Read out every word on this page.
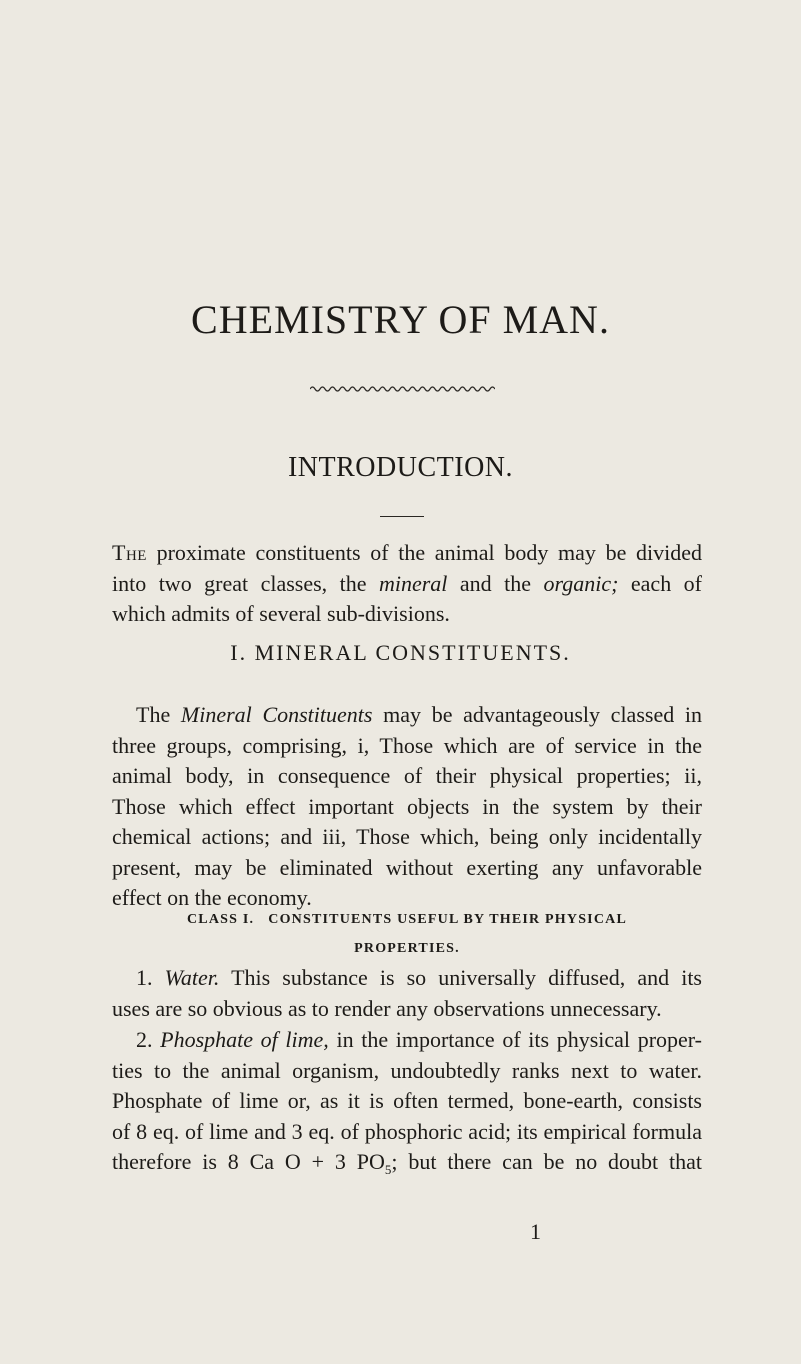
CHEMISTRY OF MAN.
INTRODUCTION.
The proximate constituents of the animal body may be divided
into two great classes, the mineral and the organic; each of
which admits of several sub-divisions.
I. MINERAL CONSTITUENTS.
The Mineral Constituents may be advantageously classed in
three groups, comprising, i, Those which are of service in the
animal body, in consequence of their physical properties; ii,
Those which effect important objects in the system by their
chemical actions; and iii, Those which, being only incidentally
present, may be eliminated without exerting any unfavorable
effect on the economy.
CLASS I.   CONSTITUENTS USEFUL BY THEIR PHYSICAL
PROPERTIES.
1. Water. This substance is so universally diffused, and its
uses are so obvious as to render any observations unnecessary.
2. Phosphate of lime, in the importance of its physical proper-
ties to the animal organism, undoubtedly ranks next to water.
Phosphate of lime or, as it is often termed, bone-earth, consists
of 8 eq. of lime and 3 eq. of phosphoric acid; its empirical formula
therefore is 8 Ca O + 3 $PO_5$; but there can be no doubt that
1
